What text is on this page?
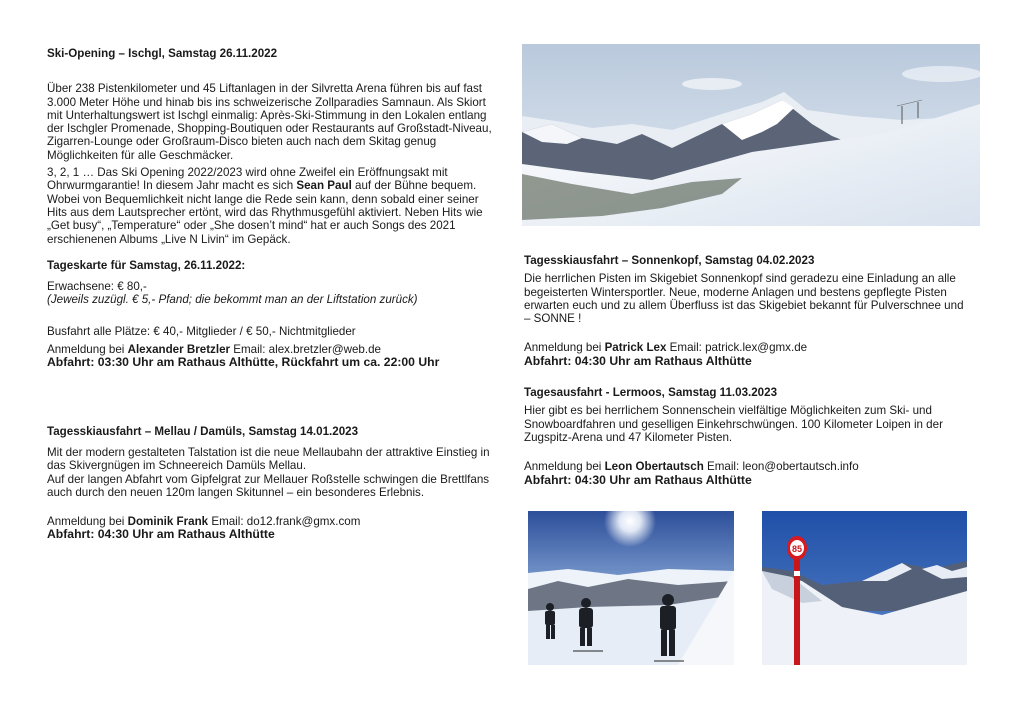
Ski-Opening – Ischgl, Samstag 26.11.2022

Über 238 Pistenkilometer und 45 Liftanlagen in der Silvretta Arena führen bis auf fast 3.000 Meter Höhe und hinab bis ins schweizerische Zollparadies Samnaun. Als Skiort mit Unterhaltungswert ist Ischgl einmalig: Après-Ski-Stimmung in den Lokalen entlang der Ischgler Promenade, Shopping-Boutiquen oder Restaurants auf Großstadt-Niveau, Zigarren-Lounge oder Großraum-Disco bieten auch nach dem Skitag genug Möglichkeiten für alle Geschmäcker.

3, 2, 1 … Das Ski Opening 2022/2023 wird ohne Zweifel ein Eröffnungsakt mit Ohrwurmgarantie! In diesem Jahr macht es sich Sean Paul auf der Bühne bequem. Wobei von Bequemlichkeit nicht lange die Rede sein kann, denn sobald einer seiner Hits aus dem Lautsprecher ertönt, wird das Rhythmusgefühl aktiviert. Neben Hits wie „Get busy“, „Temperature“ oder „She dosen’t mind“ hat er auch Songs des 2021 erschienenen Albums „Live N Livin“ im Gepäck.

Tageskarte für Samstag, 26.11.2022:

Erwachsene: € 80,-

(Jeweils zuzügl. € 5,- Pfand; die bekommt man an der Liftstation zurück)

Busfahrt alle Plätze: € 40,- Mitglieder / € 50,- Nichtmitglieder

Anmeldung bei Alexander Bretzler Email: alex.bretzler@web.de

Abfahrt: 03:30 Uhr am Rathaus Althütte, Rückfahrt um ca. 22:00 Uhr

Tagesskiausfahrt – Mellau / Damüls, Samstag 14.01.2023

Mit der modern gestalteten Talstation ist die neue Mellaubahn der attraktive Einstieg in das Skivergnügen im Schneereich Damüls Mellau.

Auf der langen Abfahrt vom Gipfelgrat zur Mellauer Roßstelle schwingen die Brettlfans auch durch den neuen 120m langen Skitunnel – ein besonderes Erlebnis.

Anmeldung bei Dominik Frank Email: do12.frank@gmx.com

Abfahrt: 04:30 Uhr am Rathaus Althütte

Tagesskiausfahrt – Sonnenkopf, Samstag 04.02.2023

Die herrlichen Pisten im Skigebiet Sonnenkopf sind geradezu eine Einladung an alle begeisterten Wintersportler. Neue, moderne Anlagen und bestens gepflegte Pisten erwarten euch und zu allem Überfluss ist das Skigebiet bekannt für Pulverschnee und – SONNE !

Anmeldung bei Patrick Lex Email: patrick.lex@gmx.de

Abfahrt: 04:30 Uhr am Rathaus Althütte

Tagesausfahrt - Lermoos, Samstag 11.03.2023

Hier gibt es bei herrlichem Sonnenschein vielfältige Möglichkeiten zum Ski- und Snowboardfahren und geselligen Einkehrschwüngen. 100 Kilometer Loipen in der Zugspitz-Arena und 47 Kilometer Pisten.

Anmeldung bei Leon Obertautsch Email: leon@obertautsch.info

Abfahrt: 04:30 Uhr am Rathaus Althütte

85
